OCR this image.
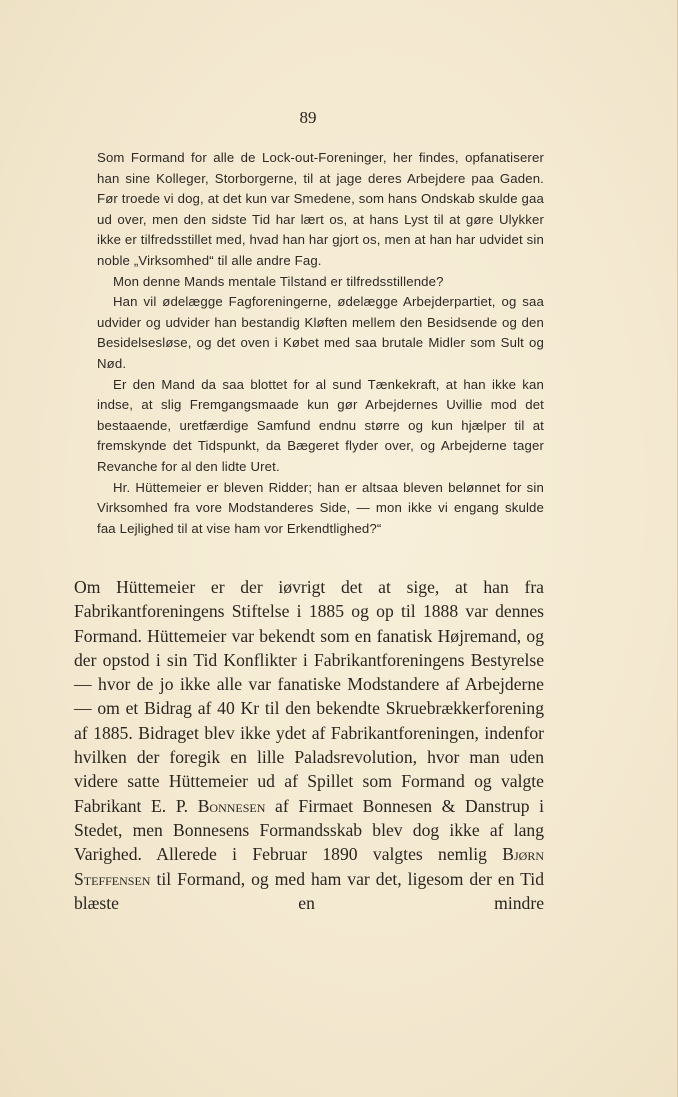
89

Som Formand for alle de Lock-out-Foreninger, her findes, opfanatiserer han sine Kolleger, Storborgerne, til at jage deres Arbejdere paa Gaden. Før troede vi dog, at det kun var Smedene, som hans Ondskab skulde gaa ud over, men den sidste Tid har lært os, at hans Lyst til at gøre Ulykker ikke er tilfredsstillet med, hvad han har gjort os, men at han har udvidet sin noble „Virksomhed“ til alle andre Fag.

Mon denne Mands mentale Tilstand er tilfredsstillende?

Han vil ødelægge Fagforeningerne, ødelægge Arbejderpartiet, og saa udvider og udvider han bestandig Kløften mellem den Besidsende og den Besidelsesløse, og det oven i Købet med saa brutale Midler som Sult og Nød.

Er den Mand da saa blottet for al sund Tænkekraft, at han ikke kan indse, at slig Fremgangsmaade kun gør Arbejdernes Uvillie mod det bestaaende, uretfærdige Samfund endnu større og kun hjælper til at fremskynde det Tidspunkt, da Bægeret flyder over, og Arbejderne tager Revanche for al den lidte Uret.

Hr. Hüttemeier er bleven Ridder; han er altsaa bleven belønnet for sin Virksomhed fra vore Modstanderes Side, — mon ikke vi engang skulde faa Lejlighed til at vise ham vor Erkendtlighed?“

Om Hüttemeier er der iøvrigt det at sige, at han fra Fabrikantforeningens Stiftelse i 1885 og op til 1888 var dennes Formand. Hüttemeier var bekendt som en fanatisk Højremand, og der opstod i sin Tid Konflikter i Fabrikantforeningens Bestyrelse — hvor de jo ikke alle var fanatiske Modstandere af Arbejderne — om et Bidrag af 40 Kr til den bekendte Skruebrækkerforening af 1885. Bidraget blev ikke ydet af Fabrikantforeningen, indenfor hvilken der foregik en lille Paladsrevolution, hvor man uden videre satte Hüttemeier ud af Spillet som Formand og valgte Fabrikant E. P. Bonnesen af Firmaet Bonnesen & Danstrup i Stedet, men Bonnesens Formandsskab blev dog ikke af lang Varighed. Allerede i Februar 1890 valgtes nemlig Bjørn Steffensen til Formand, og med ham var det, ligesom der en Tid blæste en mindre
